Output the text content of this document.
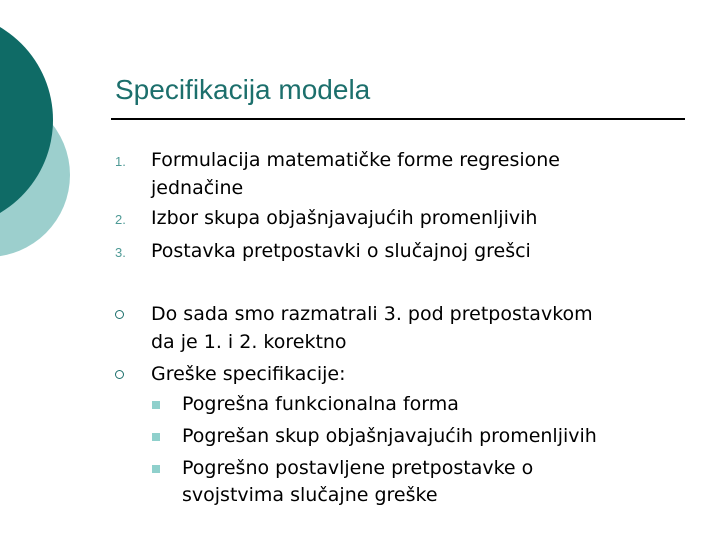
Specifikacija modela
1. Formulacija matematičke forme regresione
jednačine
2. Izbor skupa objašnjavajućih promenljivih
3. Postavka pretpostavki o slučajnoj grešci
Do sada smo razmatrali 3. pod pretpostavkom
da je 1. i 2. korektno
Greške specifikacije:
Pogrešna funkcionalna forma
Pogrešan skup objašnjavajućih promenljivih
Pogrešno postavljene pretpostavke o
svojstvima slučajne greške
